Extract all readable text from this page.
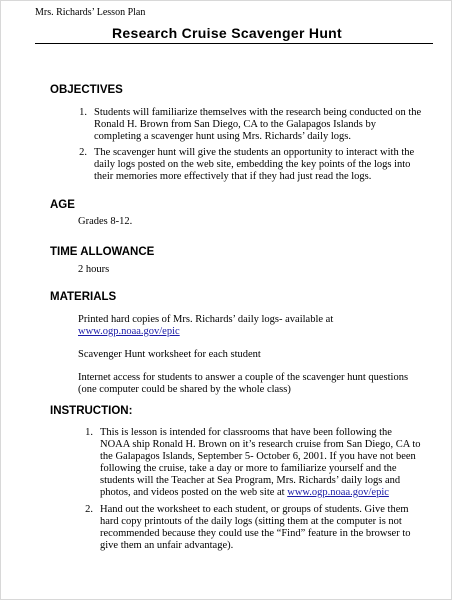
Mrs. Richards’ Lesson Plan
Research Cruise Scavenger Hunt
OBJECTIVES
1. Students will familiarize themselves with the research being conducted on the
Ronald H. Brown from San Diego, CA to the Galapagos Islands by
completing a scavenger hunt using Mrs. Richards’ daily logs.
2. The scavenger hunt will give the students an opportunity to interact with the
daily logs posted on the web site, embedding the key points of the logs into
their memories more effectively that if they had just read the logs.
AGE
Grades 8-12.
TIME ALLOWANCE
2 hours
MATERIALS
Printed hard copies of Mrs. Richards’ daily logs- available at
www.ogp.noaa.gov/epic
Scavenger Hunt worksheet for each student
Internet access for students to answer a couple of the scavenger hunt questions
(one computer could be shared by the whole class)
INSTRUCTION:
1. This is lesson is intended for classrooms that have been following the
NOAA ship Ronald H. Brown on it’s research cruise from San Diego, CA to
the Galapagos Islands, September 5- October 6, 2001. If you have not been
following the cruise, take a day or more to familiarize yourself and the
students will the Teacher at Sea Program, Mrs. Richards’ daily logs and
photos, and videos posted on the web site at www.ogp.noaa.gov/epic
2. Hand out the worksheet to each student, or groups of students. Give them
hard copy printouts of the daily logs (sitting them at the computer is not
recommended because they could use the “Find” feature in the browser to
give them an unfair advantage).
